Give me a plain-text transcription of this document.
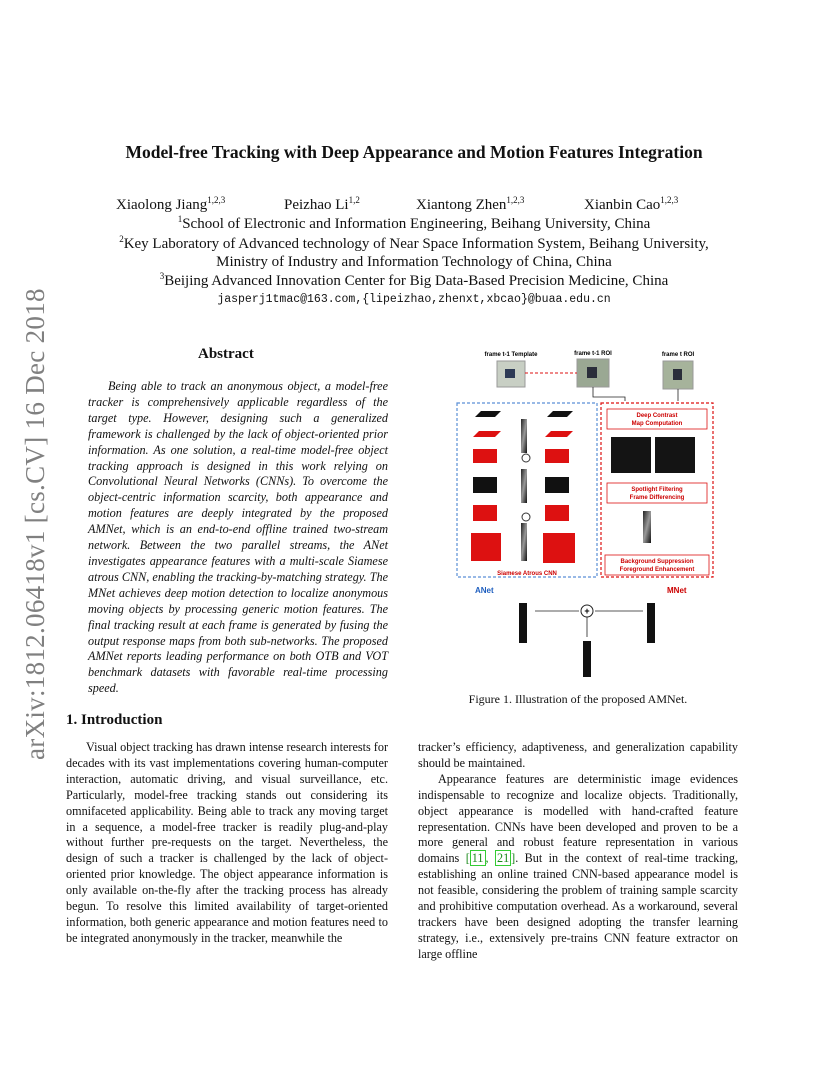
arXiv:1812.06418v1 [cs.CV] 16 Dec 2018
Model-free Tracking with Deep Appearance and Motion Features Integration
Xiaolong Jiang$^{1,2,3}$	Peizhao Li$^{1,2}$	Xiantong Zhen$^{1,2,3}$	Xianbin Cao$^{1,2,3}$
$^1$School of Electronic and Information Engineering, Beihang University, China
$^2$Key Laboratory of Advanced technology of Near Space Information System, Beihang University,
Ministry of Industry and Information Technology of China, China
$^3$Beijing Advanced Innovation Center for Big Data-Based Precision Medicine, China
jasperj1tmac@163.com,{lipeizhao,zhenxt,xbcao}@buaa.edu.cn
Abstract

Being able to track an anonymous object, a model-free tracker is comprehensively applicable regardless of the target type. However, designing such a generalized framework is challenged by the lack of object-oriented prior information. As one solution, a real-time model-free object tracking approach is designed in this work relying on Convolutional Neural Networks (CNNs). To overcome the object-centric information scarcity, both appearance and motion features are deeply integrated by the proposed AMNet, which is an end-to-end offline trained two-stream network. Between the two parallel streams, the ANet investigates appearance features with a multi-scale Siamese atrous CNN, enabling the tracking-by-matching strategy. The MNet achieves deep motion detection to localize anonymous moving objects by processing generic motion features. The final tracking result at each frame is generated by fusing the output response maps from both sub-networks. The proposed AMNet reports leading performance on both OTB and VOT benchmark datasets with favorable real-time processing speed.

frame t-1 Template	frame t-1 ROI	frame t ROI
Deep Contrast
Map Computation
Spotlight Filtering
Frame Differencing
Background Suppression
Foreground Enhancement
Siamese Atrous CNN
ANet	MNet
+
Figure 1. Illustration of the proposed AMNet.
1. Introduction

Visual object tracking has drawn intense research interests for decades with its vast implementations covering human-computer interaction, automatic driving, and visual surveillance, etc. Particularly, model-free tracking stands out considering its omnifaceted applicability. Being able to track any moving target in a sequence, a model-free tracker is readily plug-and-play without further pre-requests on the target. Nevertheless, the design of such a tracker is challenged by the lack of object-oriented prior knowledge. The object appearance information is only available on-the-fly after the tracking process has already begun. To resolve this limited availability of target-oriented information, both generic appearance and motion features need to be integrated anonymously in the tracker, meanwhile the

tracker’s efficiency, adaptiveness, and generalization capability should be maintained.

Appearance features are deterministic image evidences indispensable to recognize and localize objects. Traditionally, object appearance is modelled with hand-crafted feature representation. CNNs have been developed and proven to be a more general and robust feature representation in various domains [ 11 , 21 ]. But in the context of real-time tracking, establishing an online trained CNN-based appearance model is not feasible, considering the problem of training sample scarcity and prohibitive computation overhead. As a workaround, several trackers have been designed adopting the transfer learning strategy, i.e., extensively pre-trains CNN feature extractor on large offline
